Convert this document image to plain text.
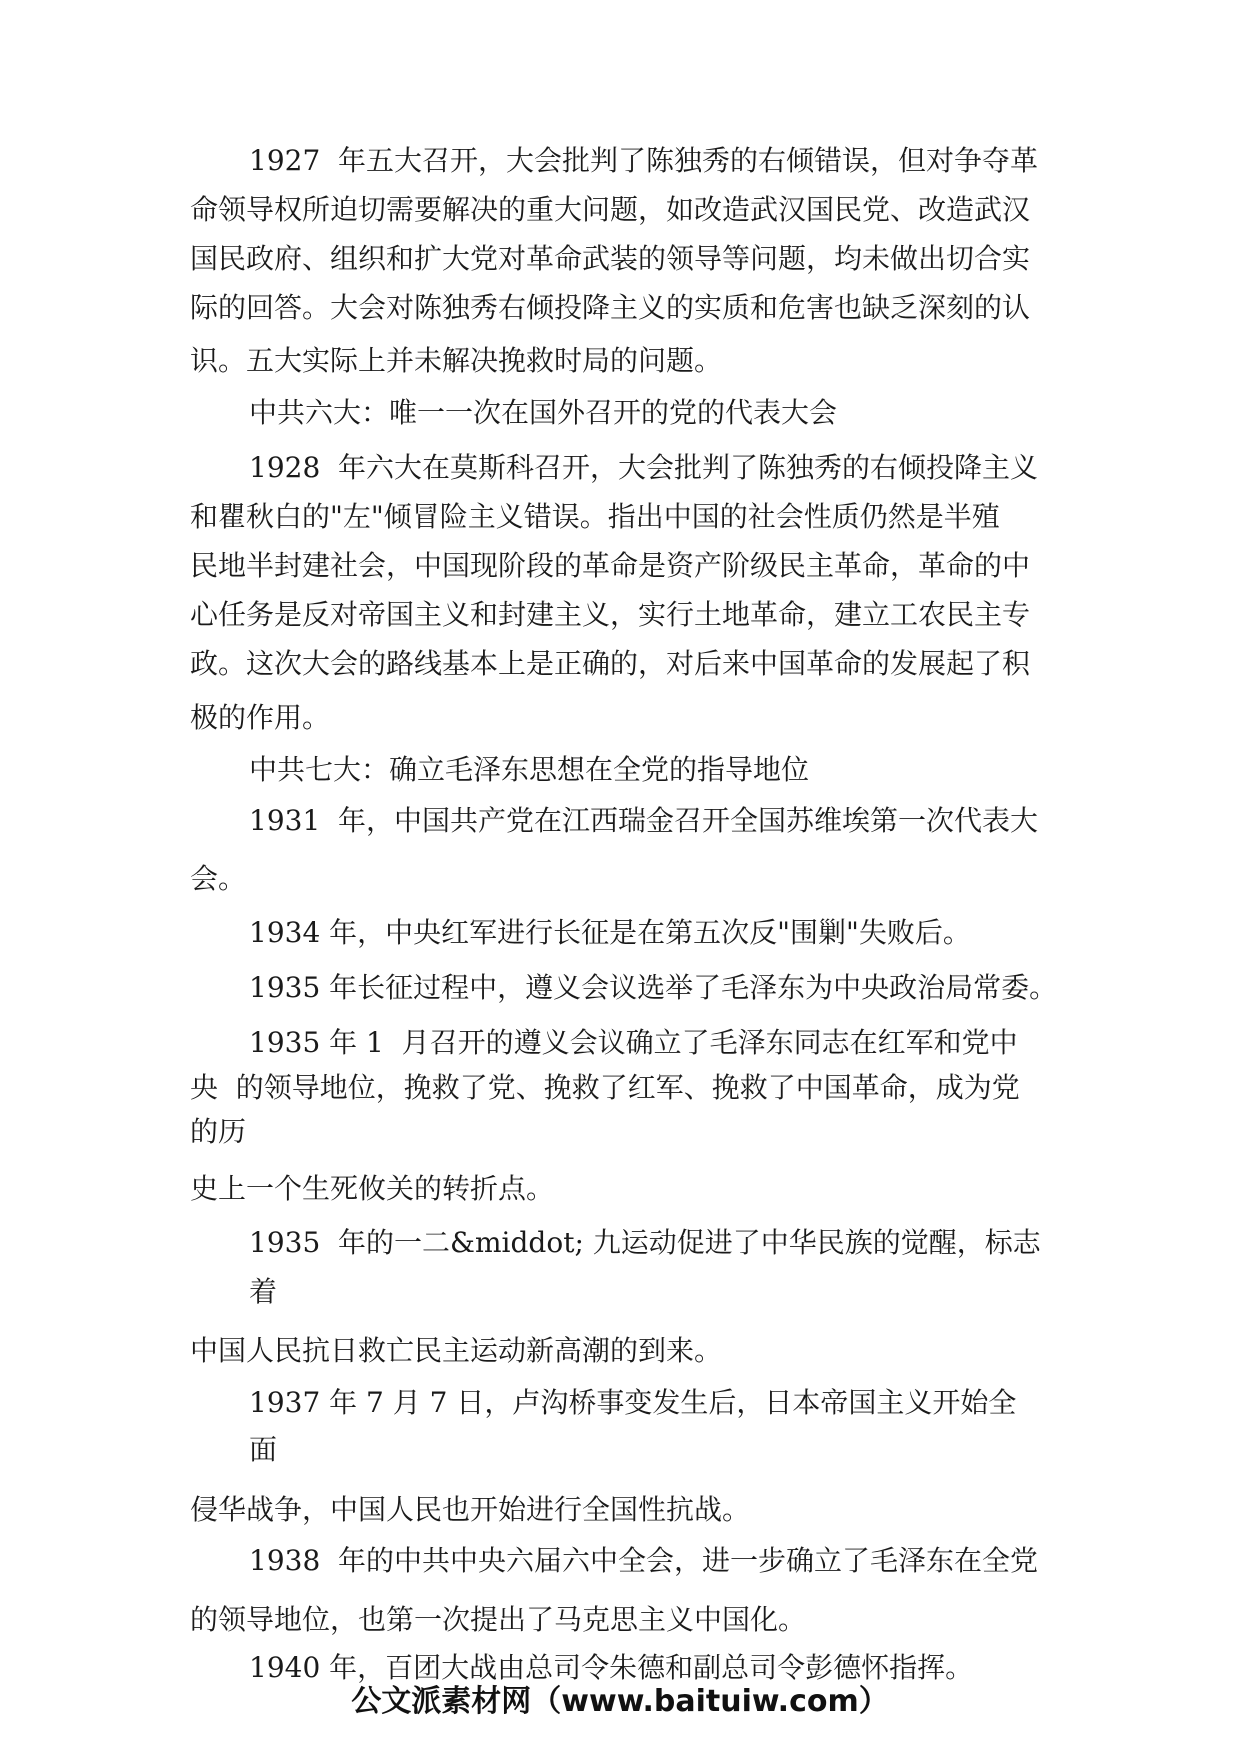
1927  年五大召开，大会批判了陈独秀的右倾错误，但对争夺革
命领导权所迫切需要解决的重大问题，如改造武汉国民党、改造武汉
国民政府、组织和扩大党对革命武装的领导等问题，均未做出切合实
际的回答。大会对陈独秀右倾投降主义的实质和危害也缺乏深刻的认
识。五大实际上并未解决挽救时局的问题。
中共六大：唯一一次在国外召开的党的代表大会
1928  年六大在莫斯科召开，大会批判了陈独秀的右倾投降主义
和瞿秋白的"左"倾冒险主义错误。指出中国的社会性质仍然是半殖
民地半封建社会，中国现阶段的革命是资产阶级民主革命，革命的中
心任务是反对帝国主义和封建主义，实行土地革命，建立工农民主专
政。这次大会的路线基本上是正确的，对后来中国革命的发展起了积
极的作用。
中共七大：确立毛泽东思想在全党的指导地位
1931  年，中国共产党在江西瑞金召开全国苏维埃第一次代表大
会。
1934 年，中央红军进行长征是在第五次反"围剿"失败后。
1935 年长征过程中，遵义会议选举了毛泽东为中央政治局常委。
1935 年 1  月召开的遵义会议确立了毛泽东同志在红军和党中
央  的领导地位，挽救了党、挽救了红军、挽救了中国革命，成为党
的历
史上一个生死攸关的转折点。
1935  年的一二&middot; 九运动促进了中华民族的觉醒，标志
着
中国人民抗日救亡民主运动新高潮的到来。
1937 年 7 月 7 日，卢沟桥事变发生后，日本帝国主义开始全
面
侵华战争，中国人民也开始进行全国性抗战。
1938  年的中共中央六届六中全会，进一步确立了毛泽东在全党
的领导地位，也第一次提出了马克思主义中国化。
1940 年，百团大战由总司令朱德和副总司令彭德怀指挥。
公文派素材网（www.baituiw.com）
